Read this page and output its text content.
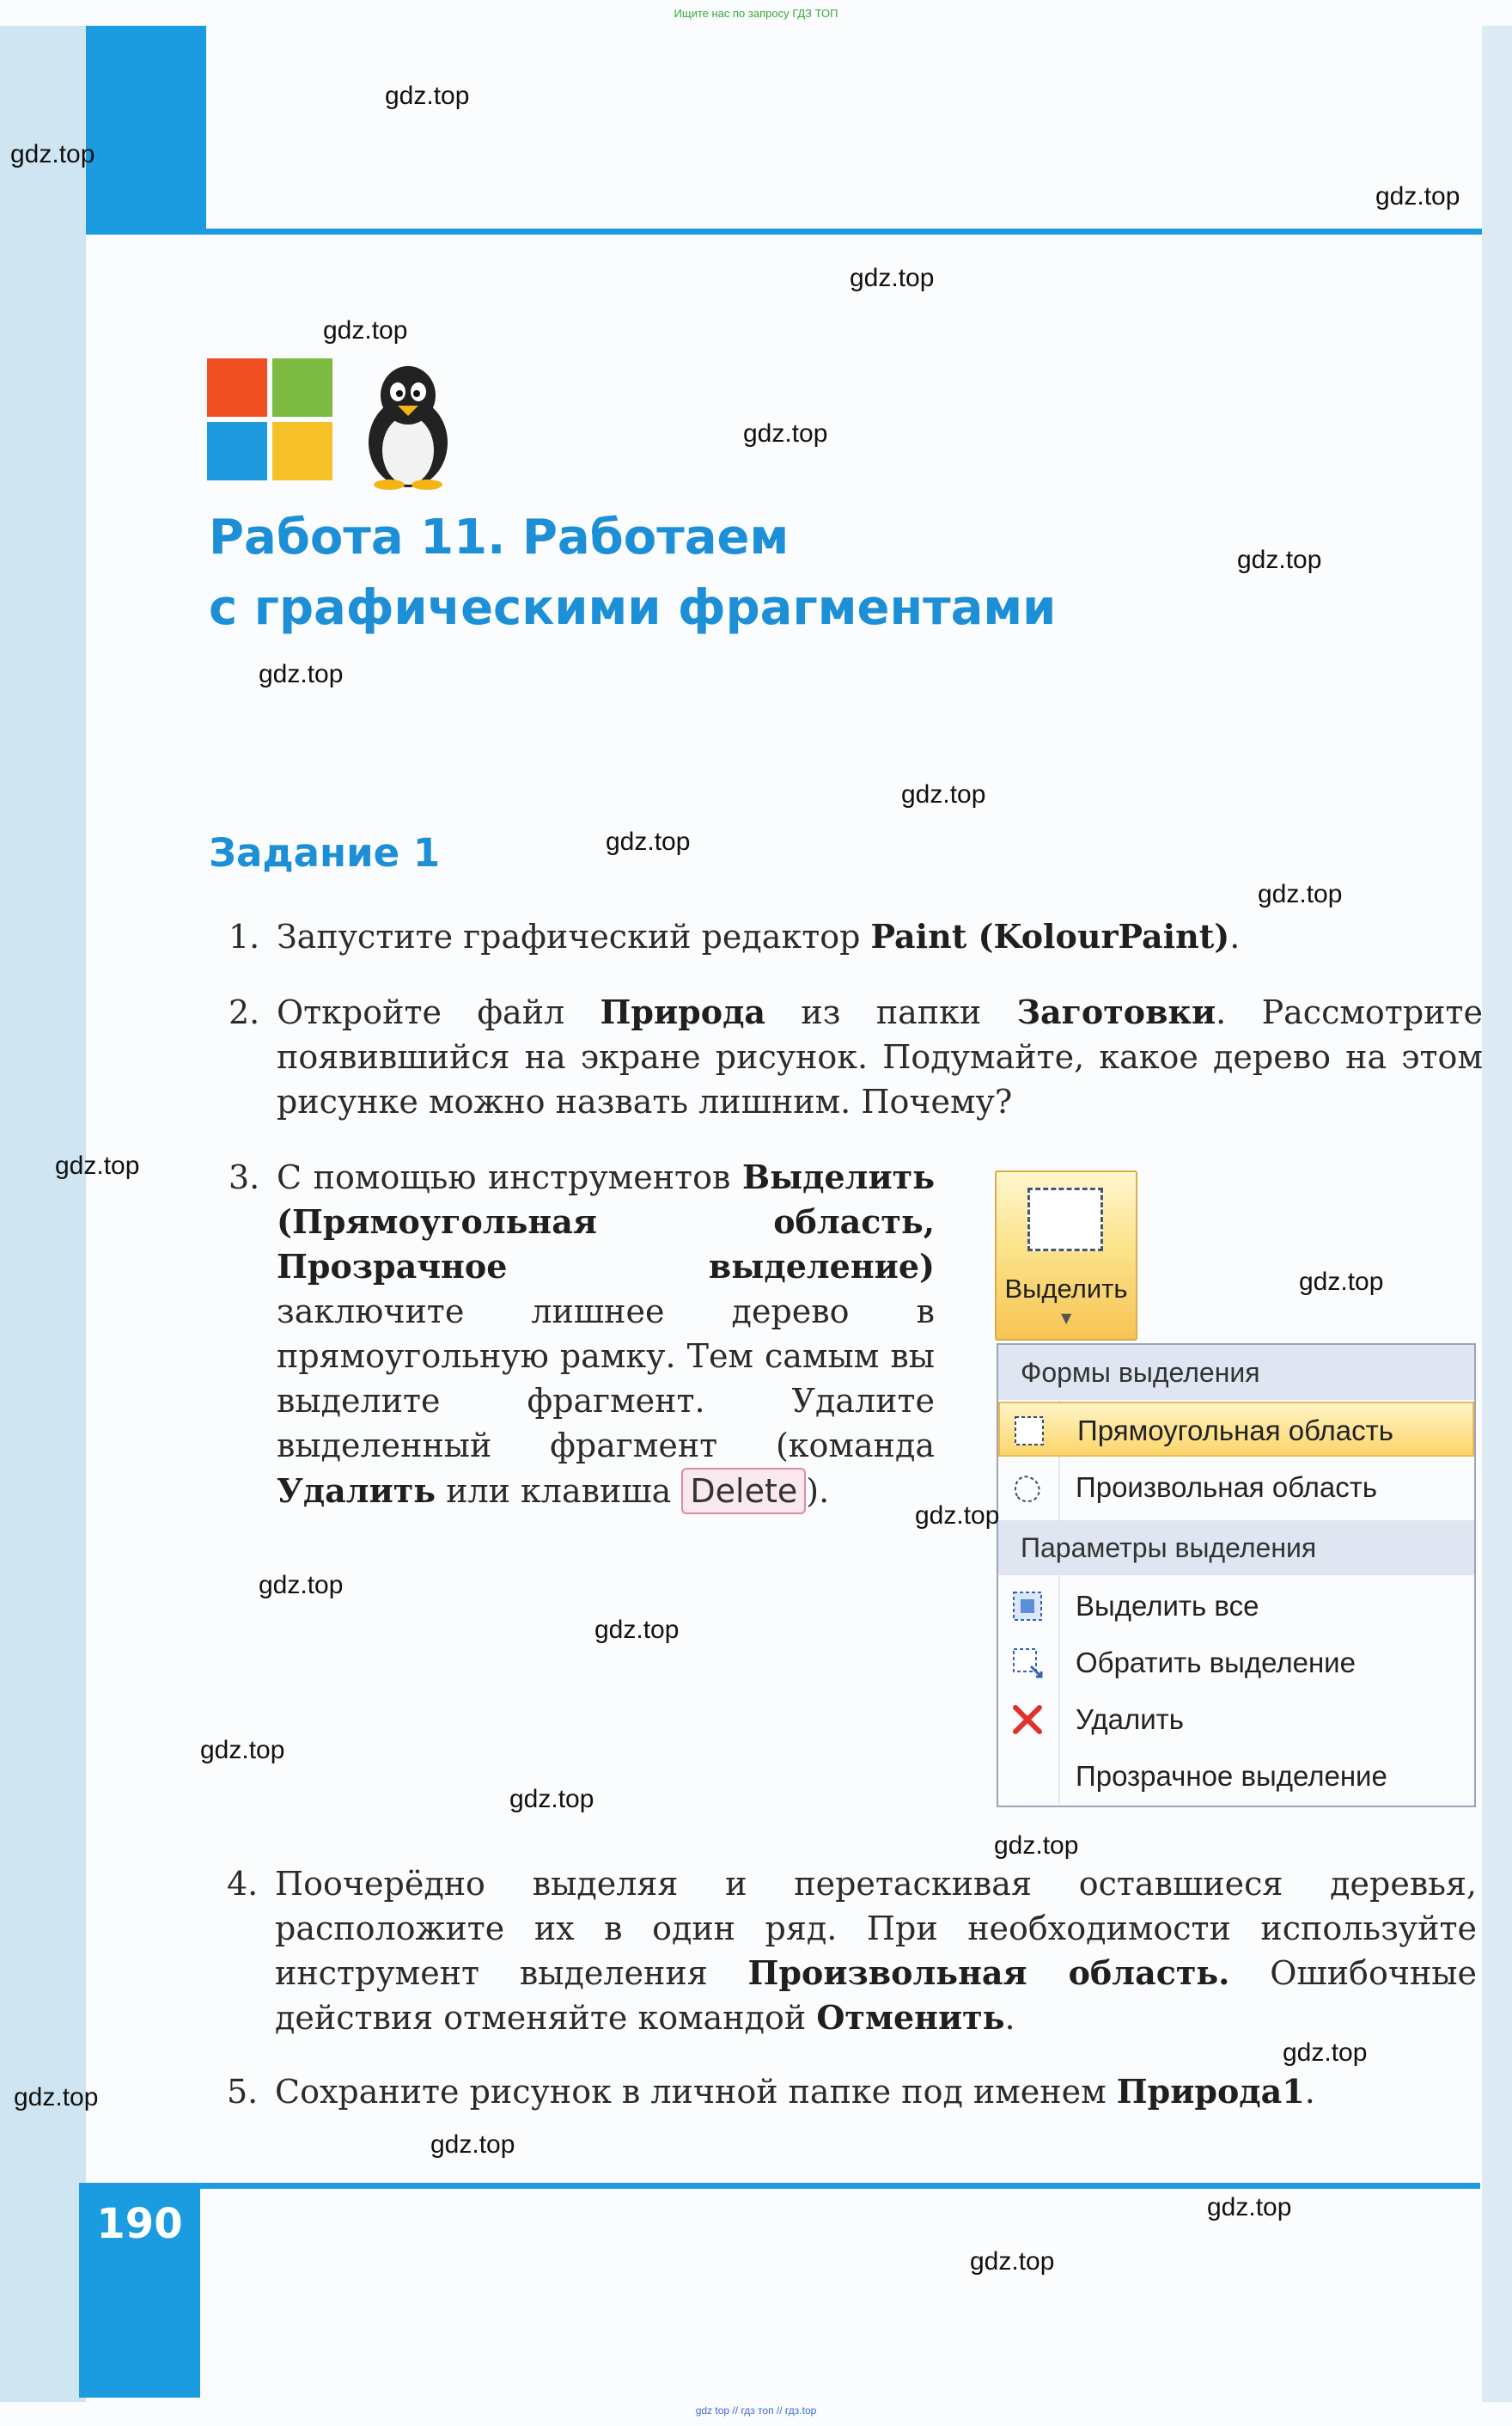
Ищите нас по запросу ГДЗ ТОП
Работа 11. Работаем
с графическими фрагментами
Задание 1
1. Запустите графический редактор Paint (KolourPaint).
2. Откройте файл Природа из папки Заготовки. Рассмотрите появившийся на экране рисунок. Подумайте, какое дерево на этом рисунке можно назвать лишним. Почему?
3. С помощью инструментов Выделить (Прямоугольная область, Прозрачное выделение) заключите лишнее дерево в прямоугольную рамку. Тем самым вы выделите фрагмент. Удалите выделенный фрагмент (команда Удалить или клавиша Delete ).
Выделить
▼
Формы выделения
Прямоугольная область
Произвольная область
Параметры выделения
Выделить все
Обратить выделение
Удалить
Прозрачное выделение
4. Поочерёдно выделяя и перетаскивая оставшиеся деревья, расположите их в один ряд. При необходимости используйте инструмент выделения Произвольная область. Ошибочные действия отменяйте командой Отменить.
5. Сохраните рисунок в личной папке под именем Природа1.
190
gdz top // гдз топ // гдз.top
gdz.top
gdz.top
gdz.top
gdz.top
gdz.top
gdz.top
gdz.top
gdz.top
gdz.top
gdz.top
gdz.top
gdz.top
gdz.top
gdz.top
gdz.top
gdz.top
gdz.top
gdz.top
gdz.top
gdz.top
gdz.top
gdz.top
gdz.top
gdz.top
